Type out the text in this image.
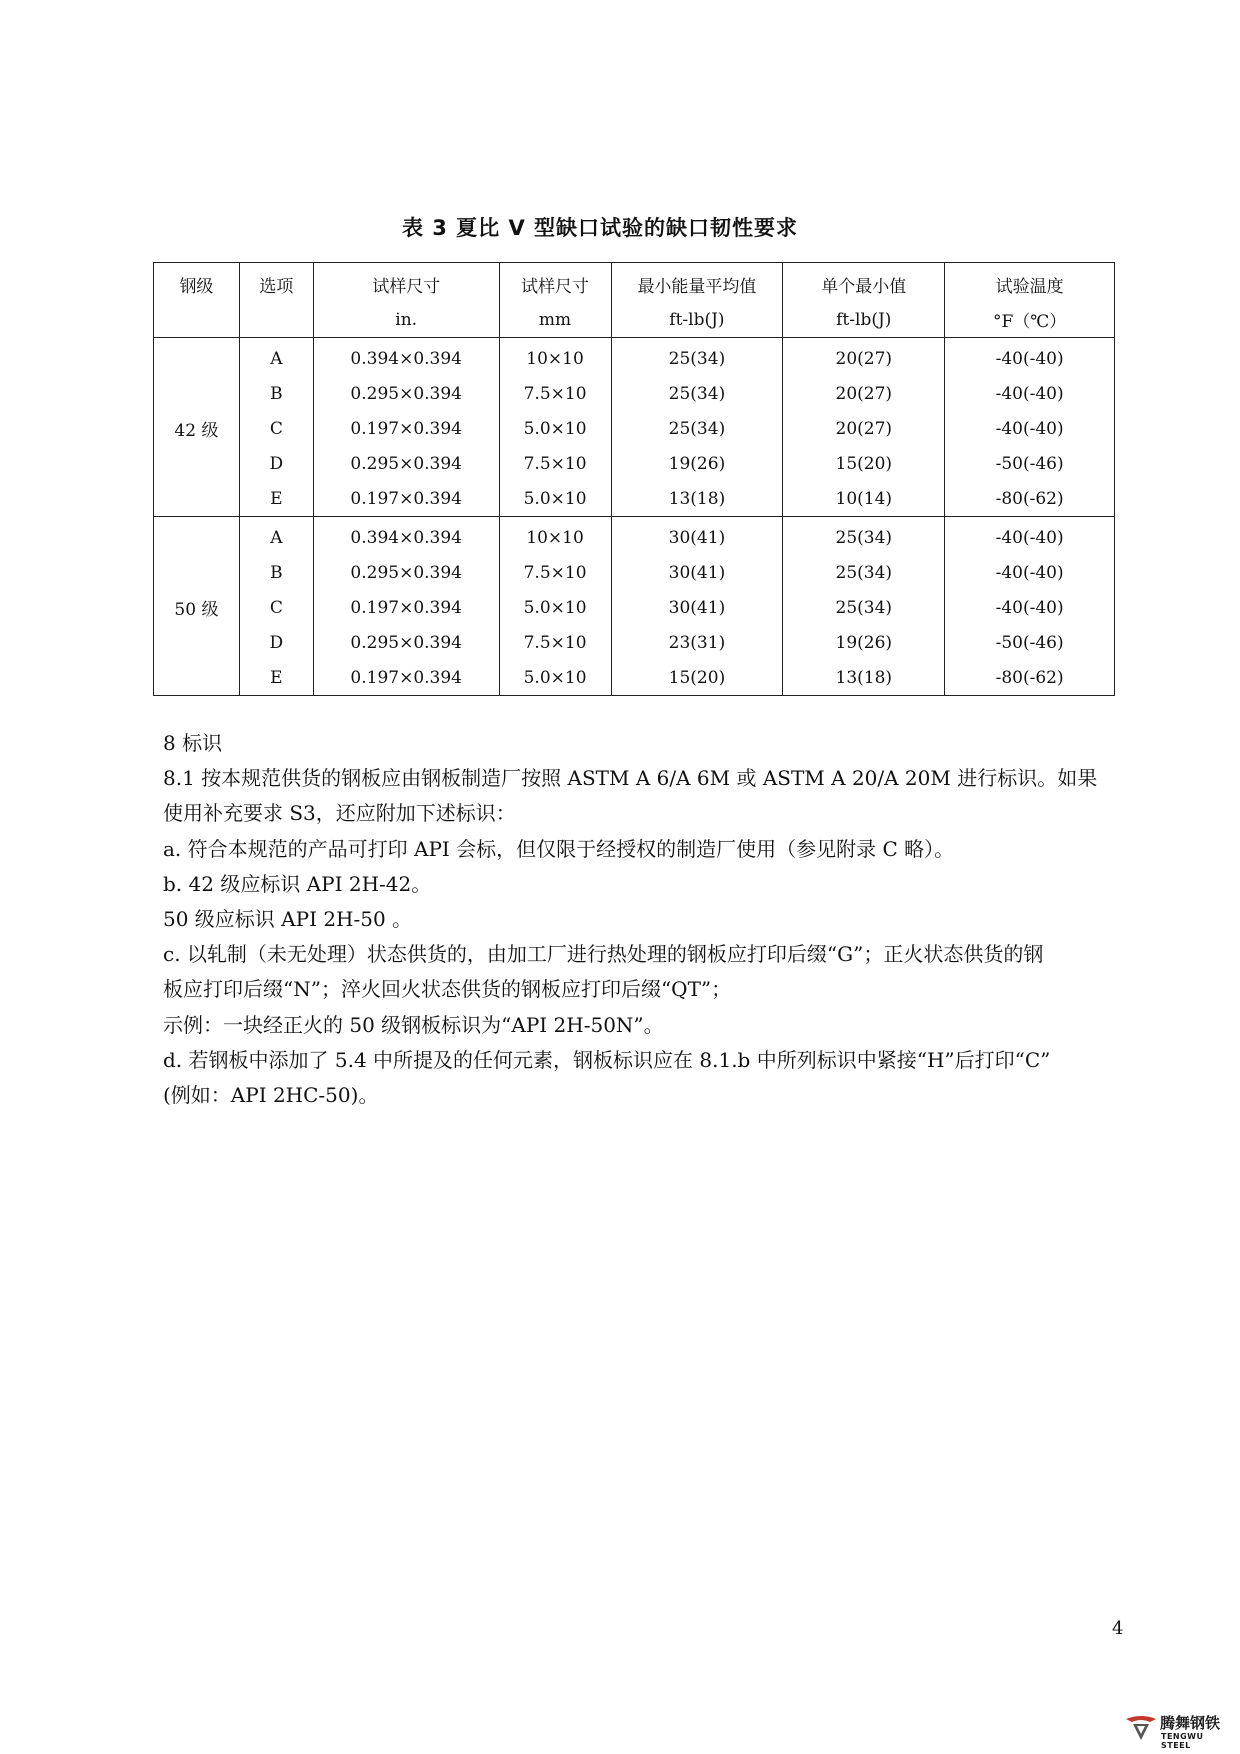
表 3 夏比 V 型缺口试验的缺口韧性要求
钢级	选项	试样尺寸	试样尺寸	最小能量平均值	单个最小值	试验温度
		in.	mm	ft-lb(J)	ft-lb(J)	°F（℃）
42 级	A	0.394×0.394	10×10	25(34)	20(27)	-40(-40)
	B	0.295×0.394	7.5×10	25(34)	20(27)	-40(-40)
	C	0.197×0.394	5.0×10	25(34)	20(27)	-40(-40)
	D	0.295×0.394	7.5×10	19(26)	15(20)	-50(-46)
	E	0.197×0.394	5.0×10	13(18)	10(14)	-80(-62)
50 级	A	0.394×0.394	10×10	30(41)	25(34)	-40(-40)
	B	0.295×0.394	7.5×10	30(41)	25(34)	-40(-40)
	C	0.197×0.394	5.0×10	30(41)	25(34)	-40(-40)
	D	0.295×0.394	7.5×10	23(31)	19(26)	-50(-46)
	E	0.197×0.394	5.0×10	15(20)	13(18)	-80(-62)

8 标识

8.1 按本规范供货的钢板应由钢板制造厂按照 ASTM A 6/A 6M 或 ASTM A 20/A 20M 进行标识。如果

使用补充要求 S3，还应附加下述标识：

a. 符合本规范的产品可打印 API 会标，但仅限于经授权的制造厂使用（参见附录 C 略）。

b. 42 级应标识 API 2H-42。

50 级应标识 API 2H-50 。

c. 以轧制（未无处理）状态供货的，由加工厂进行热处理的钢板应打印后缀“G”；正火状态供货的钢

板应打印后缀“N”；淬火回火状态供货的钢板应打印后缀“QT”；

示例：一块经正火的 50 级钢板标识为“API 2H-50N”。

d. 若钢板中添加了 5.4 中所提及的任何元素，钢板标识应在 8.1.b 中所列标识中紧接“H”后打印“C”

(例如：API 2HC-50)。

4
腾舞钢铁
TENGWU STEEL
